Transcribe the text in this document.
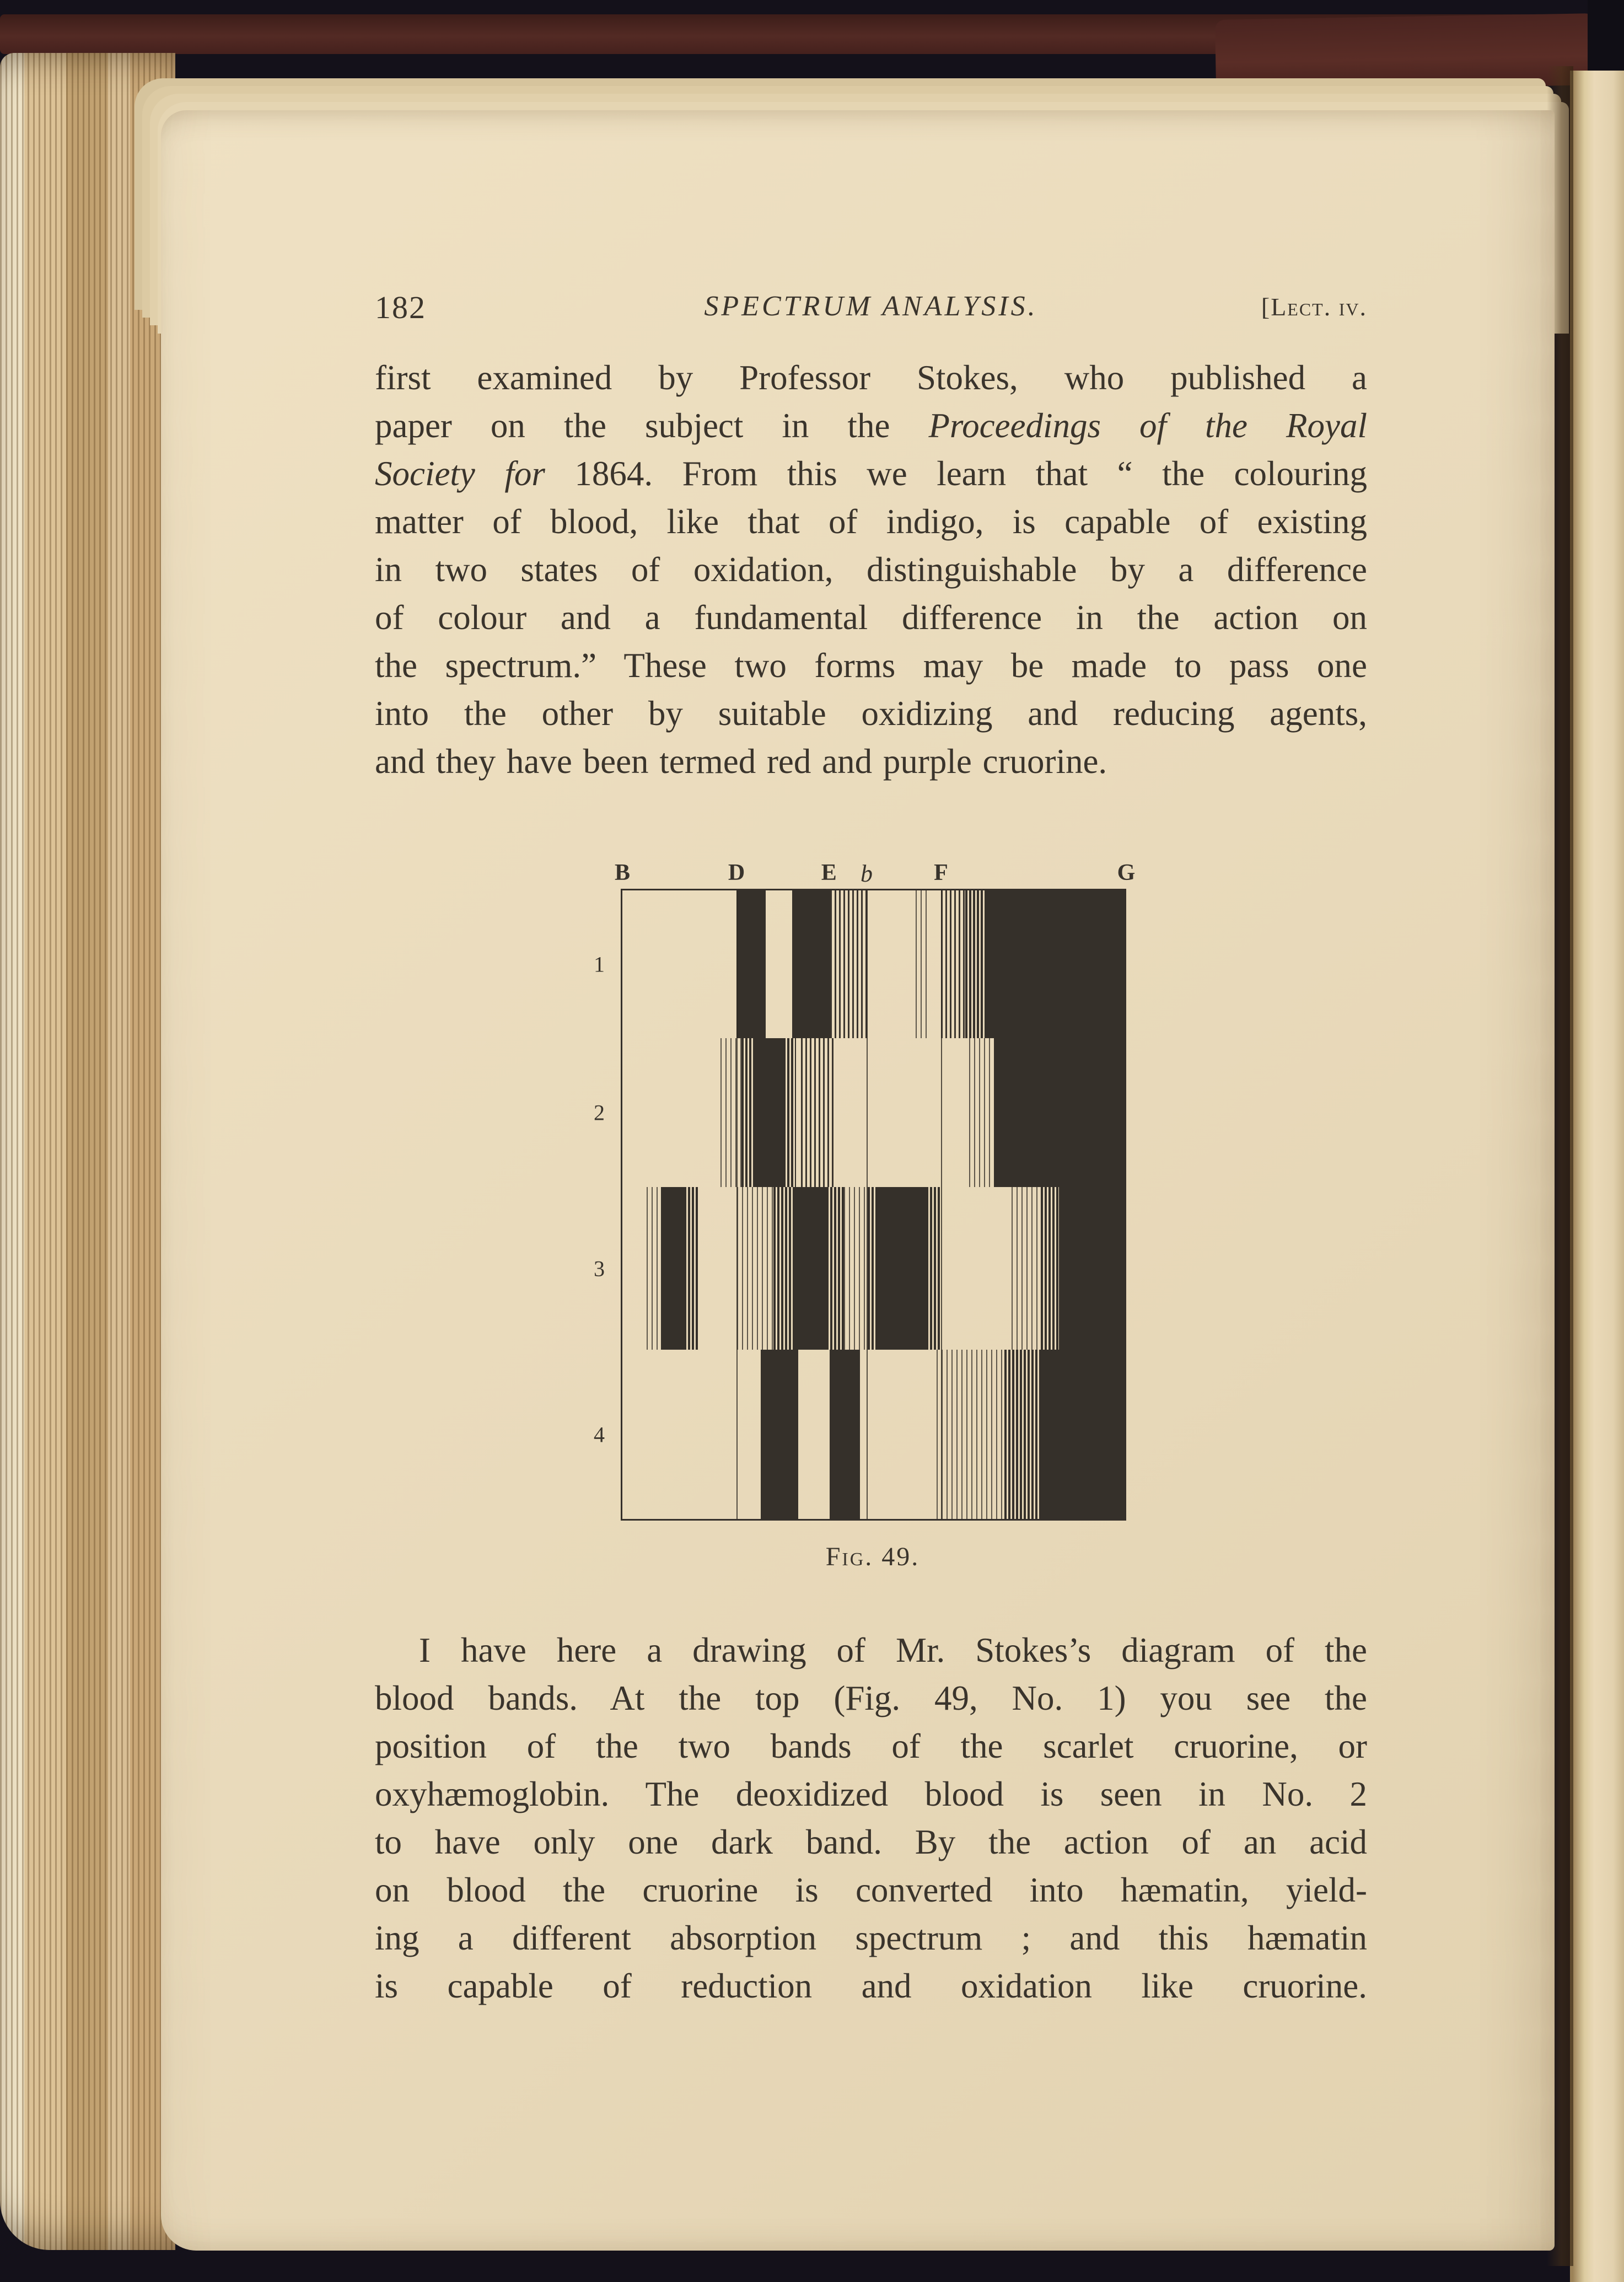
182	SPECTRUM ANALYSIS.	[Lect. iv.
first examined by Professor Stokes, who published a
paper on the subject in the Proceedings of the Royal
Society for 1864. From this we learn that “ the colouring
matter of blood, like that of indigo, is capable of existing
in two states of oxidation, distinguishable by a difference
of colour and a fundamental difference in the action on
the spectrum.” These two forms may be made to pass one
into the other by suitable oxidizing and reducing agents,
and they have been termed red and purple cruorine.
B	D	E b	F	G
1
2
3
4
Fig. 49.
I have here a drawing of Mr. Stokes’s diagram of the
blood bands. At the top (Fig. 49, No. 1) you see the
position of the two bands of the scarlet cruorine, or
oxyhæmoglobin. The deoxidized blood is seen in No. 2
to have only one dark band. By the action of an acid
on blood the cruorine is converted into hæmatin, yield-
ing a different absorption spectrum ; and this hæmatin
is capable of reduction and oxidation like cruorine.
